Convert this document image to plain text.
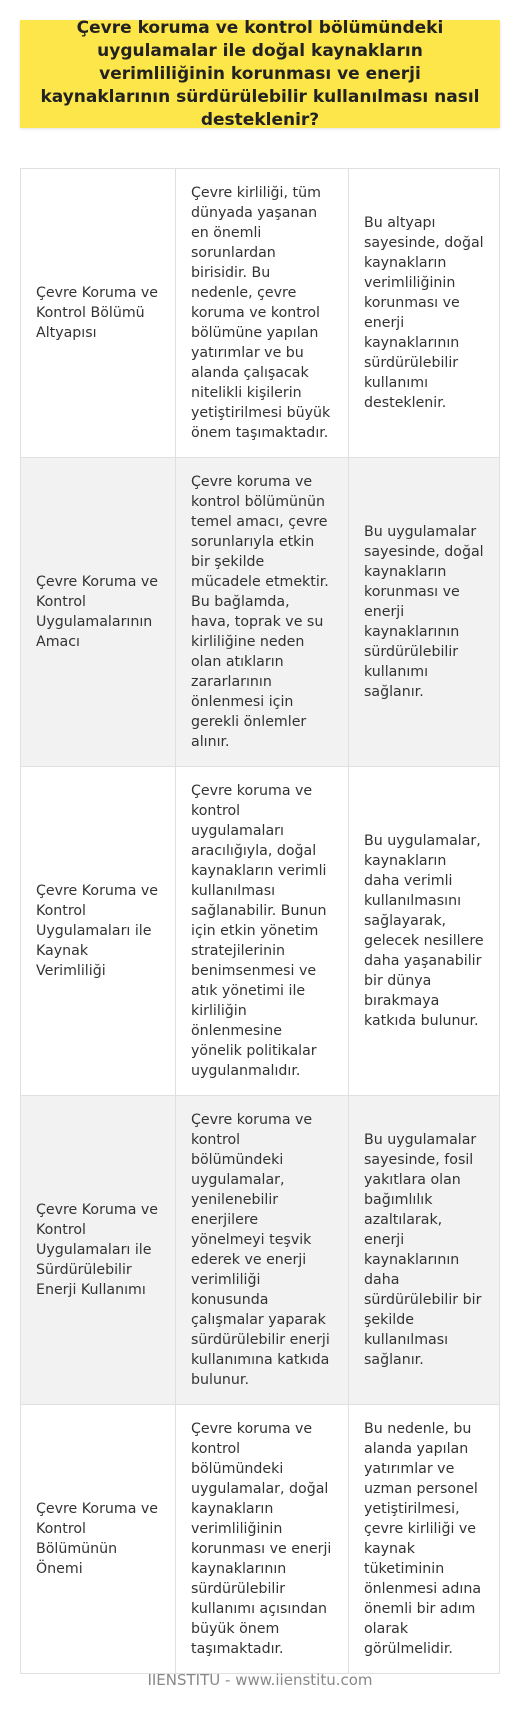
Çevre koruma ve kontrol bölümündeki uygulamalar ile doğal kaynakların verimliliğinin korunması ve enerji kaynaklarının sürdürülebilir kullanılması nasıl desteklenir?
Çevre Koruma ve Kontrol Bölümü Altyapısı	Çevre kirliliği, tüm dünyada yaşanan en önemli sorunlardan birisidir. Bu nedenle, çevre koruma ve kontrol bölümüne yapılan yatırımlar ve bu alanda çalışacak nitelikli kişilerin yetiştirilmesi büyük önem taşımaktadır.	Bu altyapı sayesinde, doğal kaynakların verimliliğinin korunması ve enerji kaynaklarının sürdürülebilir kullanımı desteklenir.
Çevre Koruma ve Kontrol Uygulamalarının Amacı	Çevre koruma ve kontrol bölümünün temel amacı, çevre sorunlarıyla etkin bir şekilde mücadele etmektir. Bu bağlamda, hava, toprak ve su kirliliğine neden olan atıkların zararlarının önlenmesi için gerekli önlemler alınır.	Bu uygulamalar sayesinde, doğal kaynakların korunması ve enerji kaynaklarının sürdürülebilir kullanımı sağlanır.
Çevre Koruma ve Kontrol Uygulamaları ile Kaynak Verimliliği	Çevre koruma ve kontrol uygulamaları aracılığıyla, doğal kaynakların verimli kullanılması sağlanabilir. Bunun için etkin yönetim stratejilerinin benimsenmesi ve atık yönetimi ile kirliliğin önlenmesine yönelik politikalar uygulanmalıdır.	Bu uygulamalar, kaynakların daha verimli kullanılmasını sağlayarak, gelecek nesillere daha yaşanabilir bir dünya bırakmaya katkıda bulunur.
Çevre Koruma ve Kontrol Uygulamaları ile Sürdürülebilir Enerji Kullanımı	Çevre koruma ve kontrol bölümündeki uygulamalar, yenilenebilir enerjilere yönelmeyi teşvik ederek ve enerji verimliliği konusunda çalışmalar yaparak sürdürülebilir enerji kullanımına katkıda bulunur.	Bu uygulamalar sayesinde, fosil yakıtlara olan bağımlılık azaltılarak, enerji kaynaklarının daha sürdürülebilir bir şekilde kullanılması sağlanır.
Çevre Koruma ve Kontrol Bölümünün Önemi	Çevre koruma ve kontrol bölümündeki uygulamalar, doğal kaynakların verimliliğinin korunması ve enerji kaynaklarının sürdürülebilir kullanımı açısından büyük önem taşımaktadır.	Bu nedenle, bu alanda yapılan yatırımlar ve uzman personel yetiştirilmesi, çevre kirliliği ve kaynak tüketiminin önlenmesi adına önemli bir adım olarak görülmelidir.
IIENSTITU - www.iienstitu.com
